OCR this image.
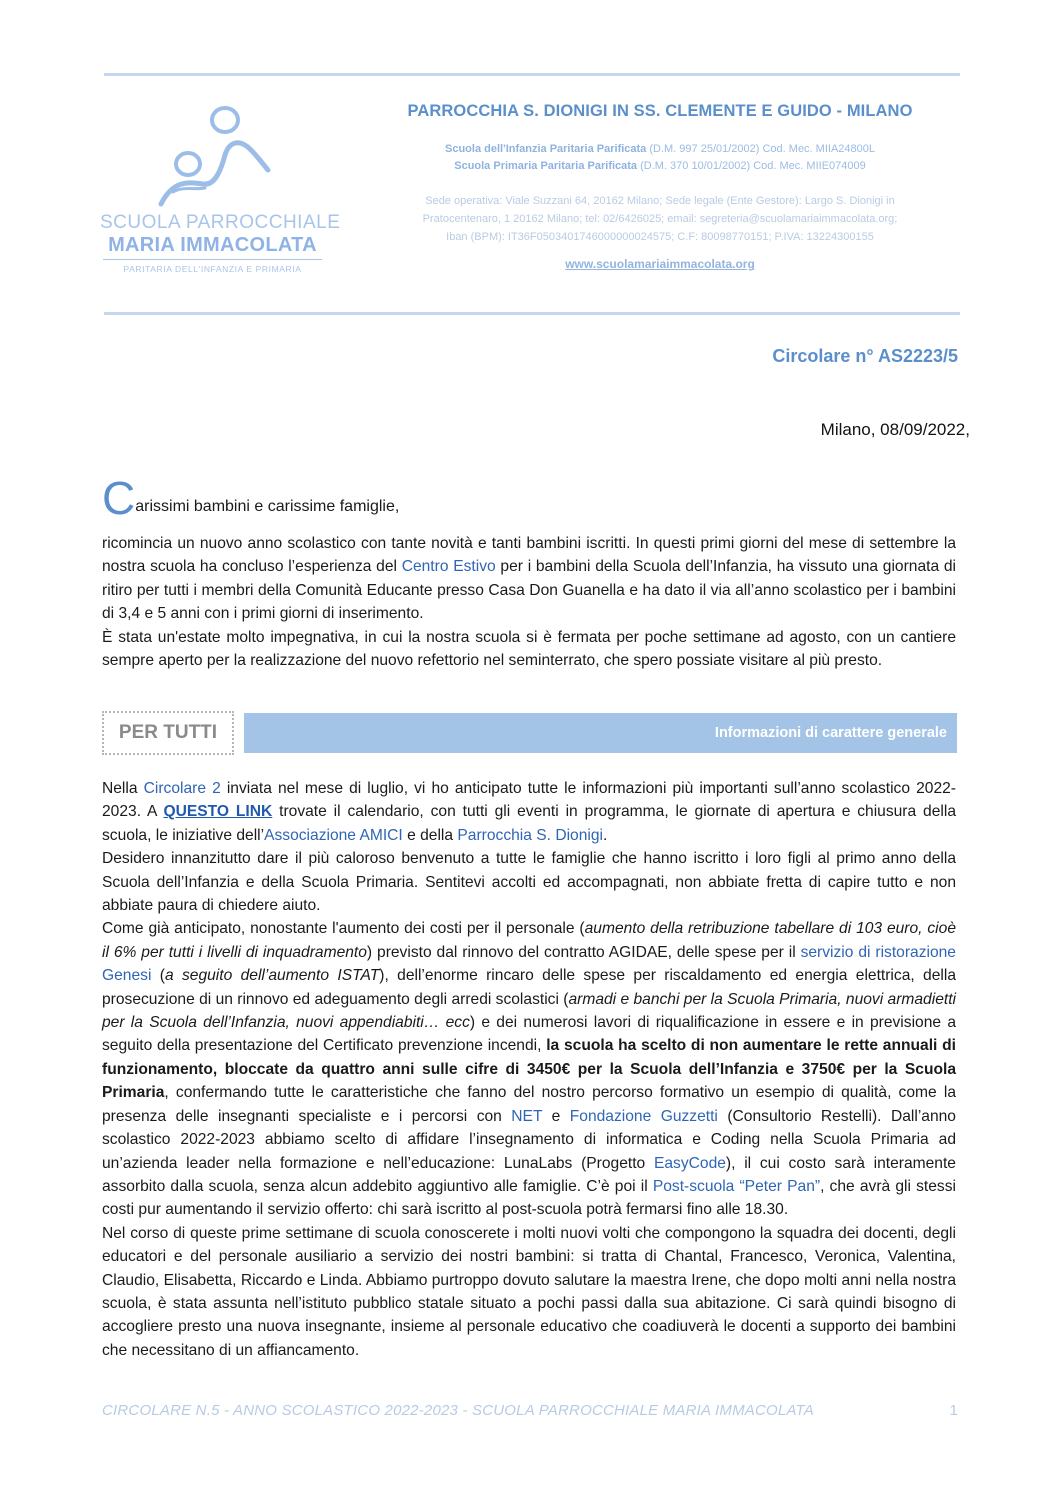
SCUOLA PARROCCHIALE
MARIA IMMACOLATA
PARITARIA DELL'INFANZIA E PRIMARIA
PARROCCHIA S. DIONIGI IN SS. CLEMENTE E GUIDO - MILANO
Scuola dell'Infanzia Paritaria Parificata (D.M. 997 25/01/2002) Cod. Mec. MIIA24800L
Scuola Primaria Paritaria Parificata (D.M. 370 10/01/2002) Cod. Mec. MIIE074009
Sede operativa: Viale Suzzani 64, 20162 Milano; Sede legale (Ente Gestore): Largo S. Dionigi in
Pratocentenaro, 1 20162 Milano; tel: 02/6426025; email: segreteria@scuolamariaimmacolata.org;
Iban (BPM): IT36F0503401746000000024575; C.F: 80098770151; P.IVA: 13224300155
www.scuolamariaimmacolata.org
Circolare n° AS2223/5
Milano, 08/09/2022,
Carissimi bambini e carissime famiglie,

ricomincia un nuovo anno scolastico con tante novità e tanti bambini iscritti. In questi primi giorni del mese di settembre la nostra scuola ha concluso l’esperienza del Centro Estivo per i bambini della Scuola dell’Infanzia, ha vissuto una giornata di ritiro per tutti i membri della Comunità Educante presso Casa Don Guanella e ha dato il via all’anno scolastico per i bambini di 3,4 e 5 anni con i primi giorni di inserimento.

È stata un'estate molto impegnativa, in cui la nostra scuola si è fermata per poche settimane ad agosto, con un cantiere sempre aperto per la realizzazione del nuovo refettorio nel seminterrato, che spero possiate visitare al più presto.

PER TUTTI	Informazioni di carattere generale

Nella Circolare 2 inviata nel mese di luglio, vi ho anticipato tutte le informazioni più importanti sull’anno scolastico 2022-2023. A QUESTO LINK trovate il calendario, con tutti gli eventi in programma, le giornate di apertura e chiusura della scuola, le iniziative dell’Associazione AMICI e della Parrocchia S. Dionigi.

Desidero innanzitutto dare il più caloroso benvenuto a tutte le famiglie che hanno iscritto i loro figli al primo anno della Scuola dell’Infanzia e della Scuola Primaria. Sentitevi accolti ed accompagnati, non abbiate fretta di capire tutto e non abbiate paura di chiedere aiuto.

Come già anticipato, nonostante l'aumento dei costi per il personale (aumento della retribuzione tabellare di 103 euro, cioè il 6% per tutti i livelli di inquadramento) previsto dal rinnovo del contratto AGIDAE, delle spese per il servizio di ristorazione Genesi (a seguito dell’aumento ISTAT), dell’enorme rincaro delle spese per riscaldamento ed energia elettrica, della prosecuzione di un rinnovo ed adeguamento degli arredi scolastici (armadi e banchi per la Scuola Primaria, nuovi armadietti per la Scuola dell’Infanzia, nuovi appendiabiti… ecc) e dei numerosi lavori di riqualificazione in essere e in previsione a seguito della presentazione del Certificato prevenzione incendi, la scuola ha scelto di non aumentare le rette annuali di funzionamento, bloccate da quattro anni sulle cifre di 3450€ per la Scuola dell’Infanzia e 3750€ per la Scuola Primaria, confermando tutte le caratteristiche che fanno del nostro percorso formativo un esempio di qualità, come la presenza delle insegnanti specialiste e i percorsi con NET e Fondazione Guzzetti (Consultorio Restelli). Dall’anno scolastico 2022-2023 abbiamo scelto di affidare l’insegnamento di informatica e Coding nella Scuola Primaria ad un’azienda leader nella formazione e nell’educazione: LunaLabs (Progetto EasyCode), il cui costo sarà interamente assorbito dalla scuola, senza alcun addebito aggiuntivo alle famiglie. C’è poi il Post-scuola “Peter Pan”, che avrà gli stessi costi pur aumentando il servizio offerto: chi sarà iscritto al post-scuola potrà fermarsi fino alle 18.30.

Nel corso di queste prime settimane di scuola conoscerete i molti nuovi volti che compongono la squadra dei docenti, degli educatori e del personale ausiliario a servizio dei nostri bambini: si tratta di Chantal, Francesco, Veronica, Valentina, Claudio, Elisabetta, Riccardo e Linda. Abbiamo purtroppo dovuto salutare la maestra Irene, che dopo molti anni nella nostra scuola, è stata assunta nell’istituto pubblico statale situato a pochi passi dalla sua abitazione. Ci sarà quindi bisogno di accogliere presto una nuova insegnante, insieme al personale educativo che coadiuverà le docenti a supporto dei bambini che necessitano di un affiancamento.

CIRCOLARE N.5 - ANNO SCOLASTICO 2022-2023 - SCUOLA PARROCCHIALE MARIA IMMACOLATA	1
